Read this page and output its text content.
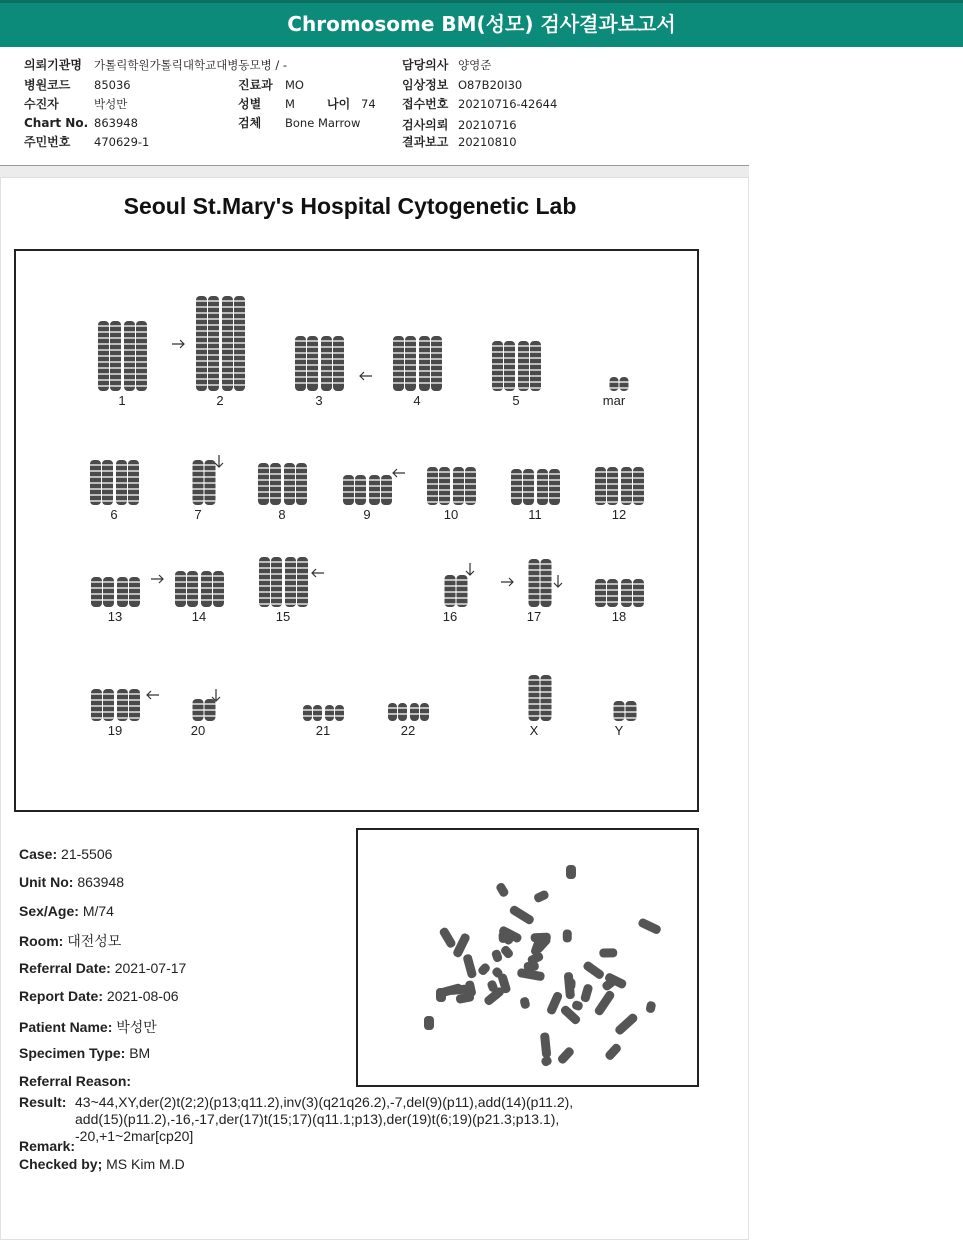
Chromosome BM(성모) 검사결과보고서
의뢰기관명 가톨릭학원가톨릭대학교대병동모병 / -
병원코드 85036
수진자	박성만
Chart No. 863948
주민번호 470629-1
진료과 MO
성별 M	나이 74
검체 Bone Marrow
담당의사 양영준
임상정보 O87B20I30
접수번호 20210716-42644
검사의뢰 20210716
결과보고 20210810
Seoul St.Mary's Hospital Cytogenetic Lab
1	2	3	4	5	mar
6	7	8	9	10	11	12
13	14	15	16	17	18
19	20	21	22	X	Y
Case: 21-5506
Unit No: 863948
Sex/Age: M/74
Room: 대전성모
Referral Date: 2021-07-17
Report Date: 2021-08-06
Patient Name: 박성만
Specimen Type: BM
Referral Reason:
Result: 43~44,XY,der(2)t(2;2)(p13;q11.2),inv(3)(q21q26.2),-7,del(9)(p11),add(14)(p11.2),
add(15)(p11.2),-16,-17,der(17)t(15;17)(q11.1;p13),der(19)t(6;19)(p21.3;p13.1),
-20,+1~2mar[cp20]
Remark:
Checked by; MS Kim M.D
